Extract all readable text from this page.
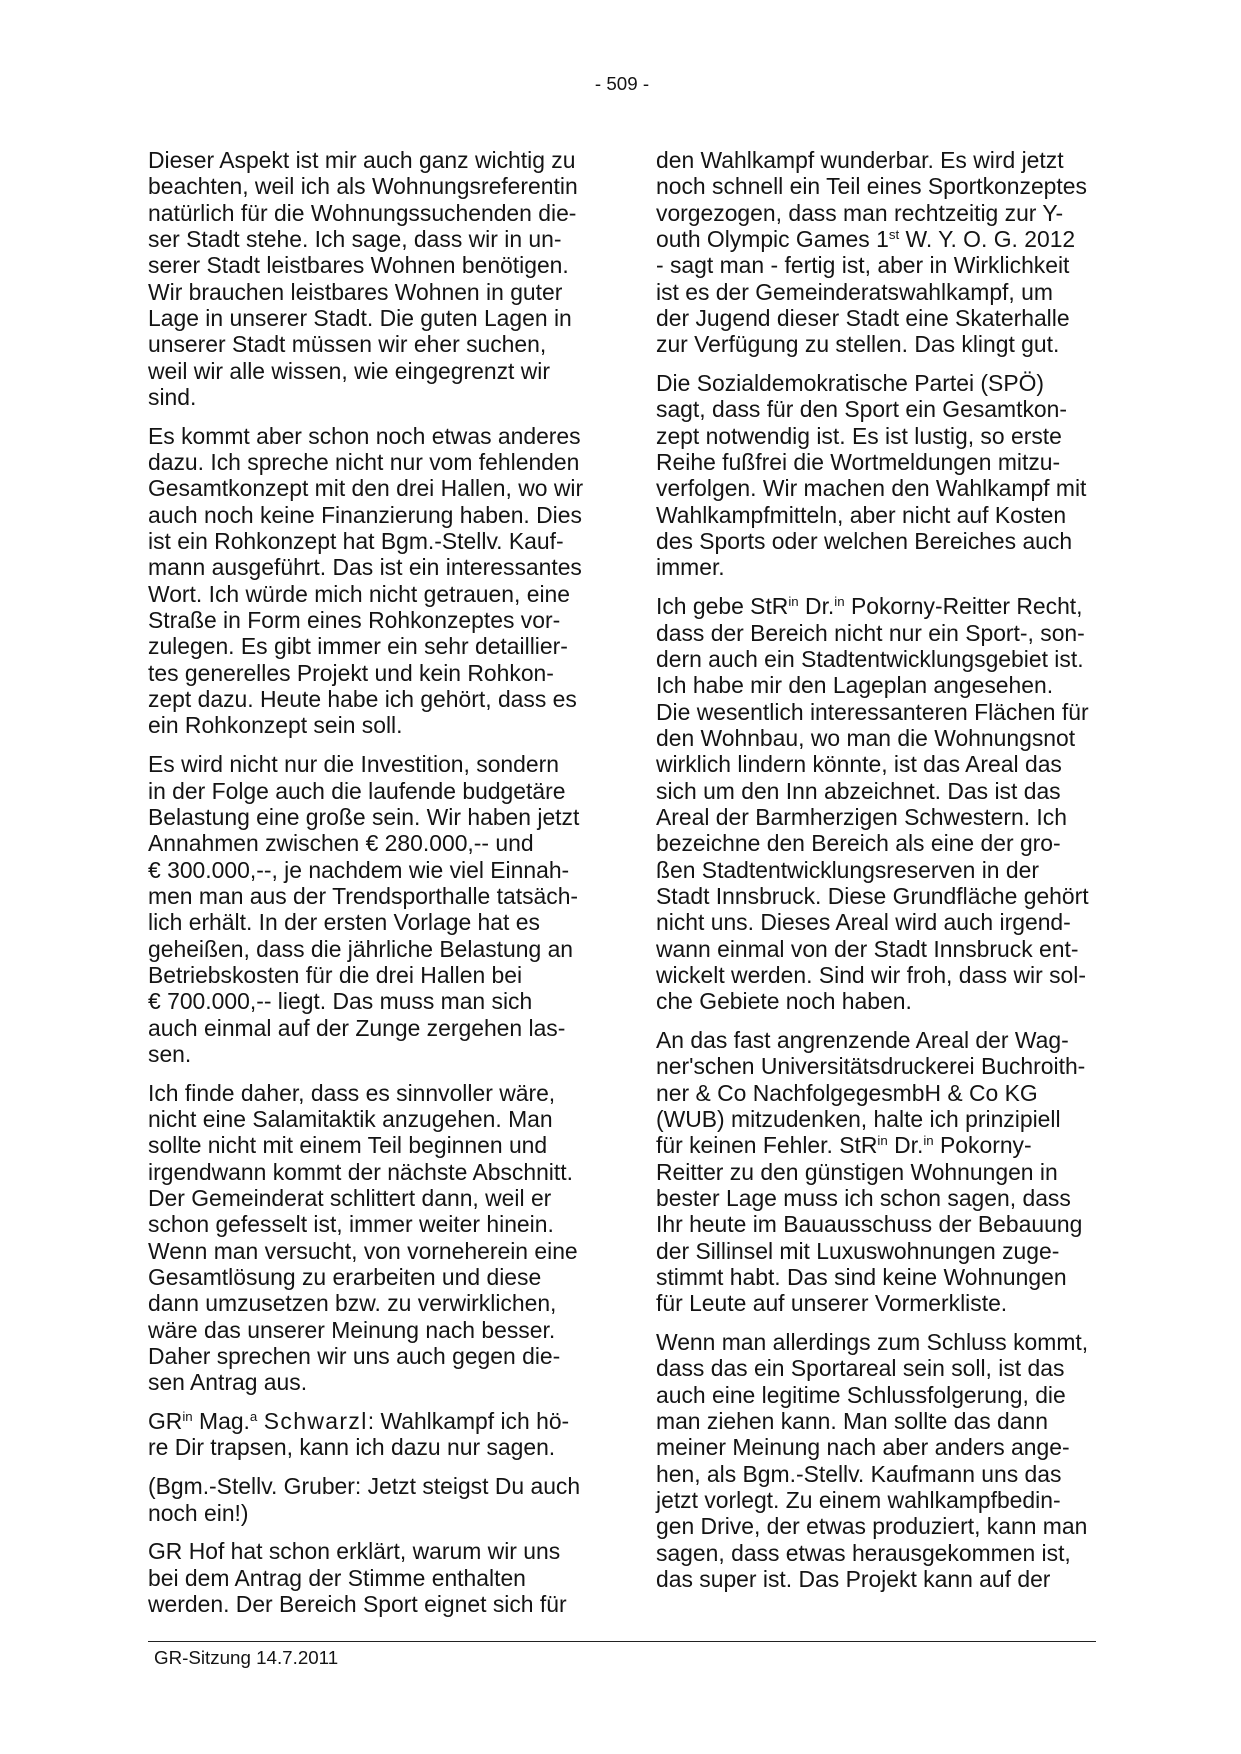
- 509 -
Dieser Aspekt ist mir auch ganz wichtig zu
beachten, weil ich als Wohnungsreferentin
natürlich für die Wohnungssuchenden die-
ser Stadt stehe. Ich sage, dass wir in un-
serer Stadt leistbares Wohnen benötigen.
Wir brauchen leistbares Wohnen in guter
Lage in unserer Stadt. Die guten Lagen in
unserer Stadt müssen wir eher suchen,
weil wir alle wissen, wie eingegrenzt wir
sind.
Es kommt aber schon noch etwas anderes
dazu. Ich spreche nicht nur vom fehlenden
Gesamtkonzept mit den drei Hallen, wo wir
auch noch keine Finanzierung haben. Dies
ist ein Rohkonzept hat Bgm.-Stellv. Kauf-
mann ausgeführt. Das ist ein interessantes
Wort. Ich würde mich nicht getrauen, eine
Straße in Form eines Rohkonzeptes vor-
zulegen. Es gibt immer ein sehr detaillier-
tes generelles Projekt und kein Rohkon-
zept dazu. Heute habe ich gehört, dass es
ein Rohkonzept sein soll.
Es wird nicht nur die Investition, sondern
in der Folge auch die laufende budgetäre
Belastung eine große sein. Wir haben jetzt
Annahmen zwischen € 280.000,-- und
€ 300.000,--, je nachdem wie viel Einnah-
men man aus der Trendsporthalle tatsäch-
lich erhält. In der ersten Vorlage hat es
geheißen, dass die jährliche Belastung an
Betriebskosten für die drei Hallen bei
€ 700.000,-- liegt. Das muss man sich
auch einmal auf der Zunge zergehen las-
sen.
Ich finde daher, dass es sinnvoller wäre,
nicht eine Salamitaktik anzugehen. Man
sollte nicht mit einem Teil beginnen und
irgendwann kommt der nächste Abschnitt.
Der Gemeinderat schlittert dann, weil er
schon gefesselt ist, immer weiter hinein.
Wenn man versucht, von vorneherein eine
Gesamtlösung zu erarbeiten und diese
dann umzusetzen bzw. zu verwirklichen,
wäre das unserer Meinung nach besser.
Daher sprechen wir uns auch gegen die-
sen Antrag aus.
$GR^{in}$ Mag.$^a$ Schwarzl: Wahlkampf ich hö-
re Dir trapsen, kann ich dazu nur sagen.
(Bgm.-Stellv. Gruber: Jetzt steigst Du auch
noch ein!)
GR Hof hat schon erklärt, warum wir uns
bei dem Antrag der Stimme enthalten
werden. Der Bereich Sport eignet sich für
den Wahlkampf wunderbar. Es wird jetzt
noch schnell ein Teil eines Sportkonzeptes
vorgezogen, dass man rechtzeitig zur Y-
outh Olympic Games 1st W. Y. O. G. 2012
- sagt man - fertig ist, aber in Wirklichkeit
ist es der Gemeinderatswahlkampf, um
der Jugend dieser Stadt eine Skaterhalle
zur Verfügung zu stellen. Das klingt gut.
Die Sozialdemokratische Partei (SPÖ)
sagt, dass für den Sport ein Gesamtkon-
zept notwendig ist. Es ist lustig, so erste
Reihe fußfrei die Wortmeldungen mitzu-
verfolgen. Wir machen den Wahlkampf mit
Wahlkampfmitteln, aber nicht auf Kosten
des Sports oder welchen Bereiches auch
immer.
Ich gebe StR$^{in}$ Dr.$^{in}$ Pokorny-Reitter Recht,
dass der Bereich nicht nur ein Sport-, son-
dern auch ein Stadtentwicklungsgebiet ist.
Ich habe mir den Lageplan angesehen.
Die wesentlich interessanteren Flächen für
den Wohnbau, wo man die Wohnungsnot
wirklich lindern könnte, ist das Areal das
sich um den Inn abzeichnet. Das ist das
Areal der Barmherzigen Schwestern. Ich
bezeichne den Bereich als eine der gro-
ßen Stadtentwicklungsreserven in der
Stadt Innsbruck. Diese Grundfläche gehört
nicht uns. Dieses Areal wird auch irgend-
wann einmal von der Stadt Innsbruck ent-
wickelt werden. Sind wir froh, dass wir sol-
che Gebiete noch haben.
An das fast angrenzende Areal der Wag-
ner'schen Universitätsdruckerei Buchroith-
ner & Co NachfolgegesmbH & Co KG
(WUB) mitzudenken, halte ich prinzipiell
für keinen Fehler. StR$^{in}$ Dr.$^{in}$ Pokorny-
Reitter zu den günstigen Wohnungen in
bester Lage muss ich schon sagen, dass
Ihr heute im Bauausschuss der Bebauung
der Sillinsel mit Luxuswohnungen zuge-
stimmt habt. Das sind keine Wohnungen
für Leute auf unserer Vormerkliste.
Wenn man allerdings zum Schluss kommt,
dass das ein Sportareal sein soll, ist das
auch eine legitime Schlussfolgerung, die
man ziehen kann. Man sollte das dann
meiner Meinung nach aber anders ange-
hen, als Bgm.-Stellv. Kaufmann uns das
jetzt vorlegt. Zu einem wahlkampfbedin-
gen Drive, der etwas produziert, kann man
sagen, dass etwas herausgekommen ist,
das super ist. Das Projekt kann auf der
GR-Sitzung 14.7.2011
